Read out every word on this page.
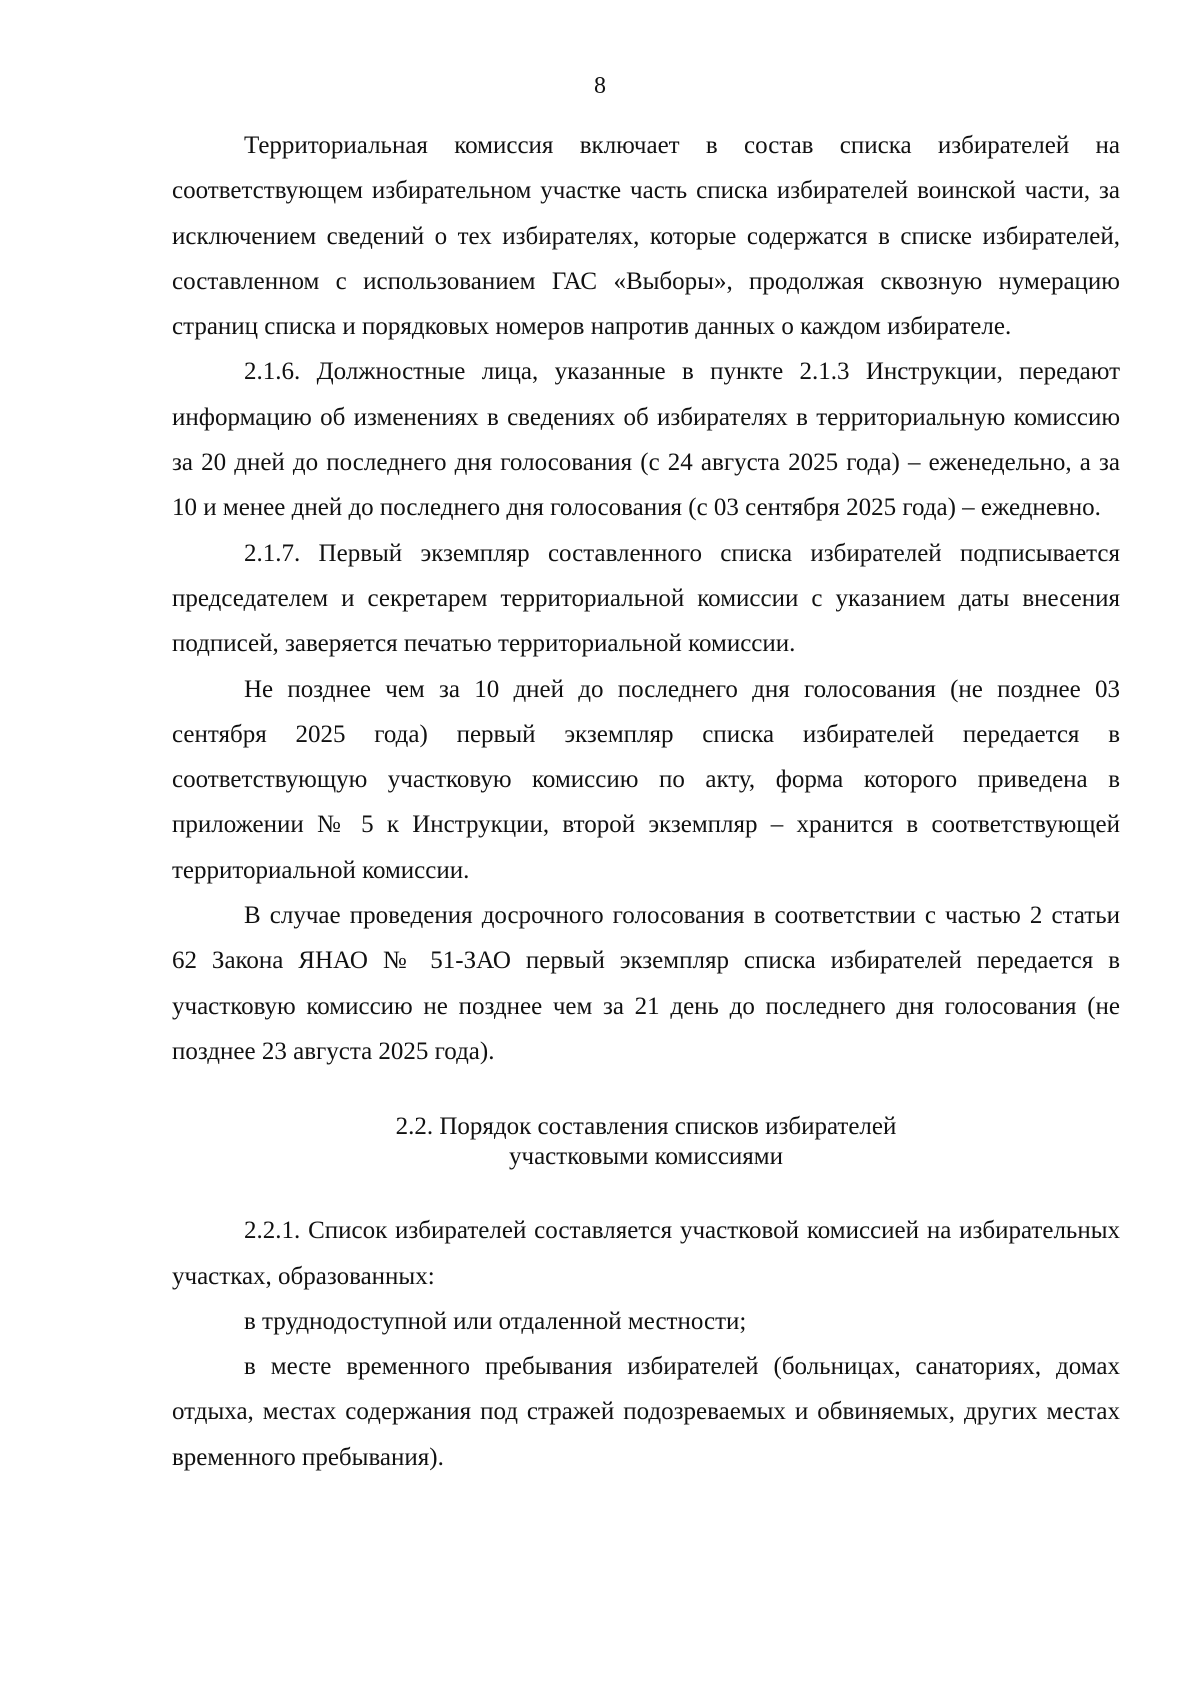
8

Территориальная комиссия включает в состав списка избирателей на соответствующем избирательном участке часть списка избирателей воинской части, за исключением сведений о тех избирателях, которые содержатся в списке избирателей, составленном с использованием ГАС «Выборы», продолжая сквозную нумерацию страниц списка и порядковых номеров напротив данных о каждом избирателе.

2.1.6. Должностные лица, указанные в пункте 2.1.3 Инструкции, передают информацию об изменениях в сведениях об избирателях в территориальную комиссию за 20 дней до последнего дня голосования (с 24 августа 2025 года) – еженедельно, а за 10 и менее дней до последнего дня голосования (с 03 сентября 2025 года) – ежедневно.

2.1.7. Первый экземпляр составленного списка избирателей подписывается председателем и секретарем территориальной комиссии с указанием даты внесения подписей, заверяется печатью территориальной комиссии.

Не позднее чем за 10 дней до последнего дня голосования (не позднее 03 сентября 2025 года) первый экземпляр списка избирателей передается в соответствующую участковую комиссию по акту, форма которого приведена в приложении № 5 к Инструкции, второй экземпляр – хранится в соответствующей территориальной комиссии.

В случае проведения досрочного голосования в соответствии с частью 2 статьи 62 Закона ЯНАО № 51-ЗАО первый экземпляр списка избирателей передается в участковую комиссию не позднее чем за 21 день до последнего дня голосования (не позднее 23 августа 2025 года).

2.2. Порядок составления списков избирателей
участковыми комиссиями

2.2.1. Список избирателей составляется участковой комиссией на избирательных участках, образованных:

в труднодоступной или отдаленной местности;

в месте временного пребывания избирателей (больницах, санаториях, домах отдыха, местах содержания под стражей подозреваемых и обвиняемых, других местах временного пребывания).
